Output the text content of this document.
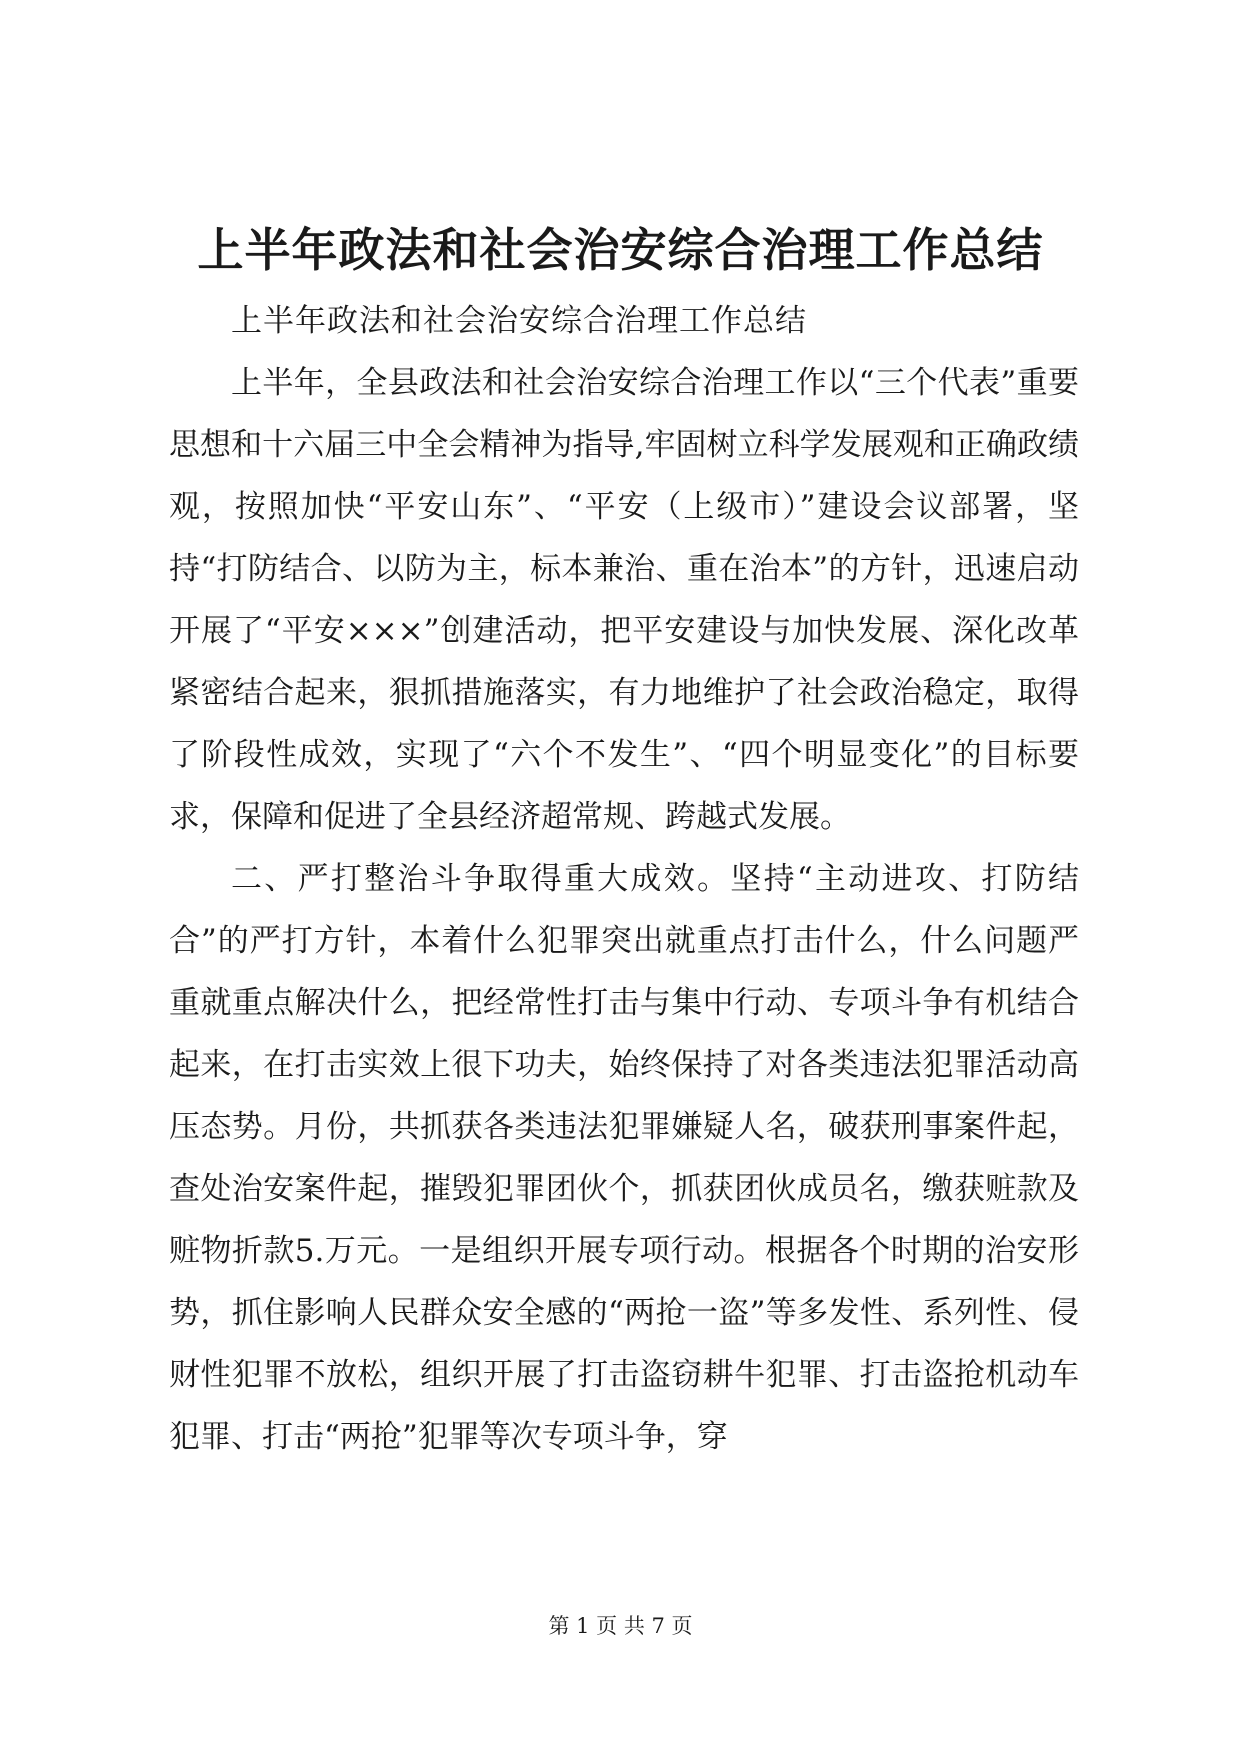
上半年政法和社会治安综合治理工作总结

上半年政法和社会治安综合治理工作总结

上半年，全县政法和社会治安综合治理工作以“三个代表”重要思想和十六届三中全会精神为指导,牢固树立科学发展观和正确政绩观，按照加快“平安山东”、“平安（上级市）”建设会议部署，坚持“打防结合、以防为主，标本兼治、重在治本”的方针，迅速启动开展了“平安×××”创建活动，把平安建设与加快发展、深化改革紧密结合起来，狠抓措施落实，有力地维护了社会政治稳定，取得了阶段性成效，实现了“六个不发生”、“四个明显变化”的目标要求，保障和促进了全县经济超常规、跨越式发展。

二、严打整治斗争取得重大成效。坚持“主动进攻、打防结合”的严打方针，本着什么犯罪突出就重点打击什么，什么问题严重就重点解决什么，把经常性打击与集中行动、专项斗争有机结合起来，在打击实效上很下功夫，始终保持了对各类违法犯罪活动高压态势。月份，共抓获各类违法犯罪嫌疑人名，破获刑事案件起，查处治安案件起，摧毁犯罪团伙个，抓获团伙成员名，缴获赃款及赃物折款5.万元。一是组织开展专项行动。根据各个时期的治安形势，抓住影响人民群众安全感的“两抢一盗”等多发性、系列性、侵财性犯罪不放松，组织开展了打击盗窃耕牛犯罪、打击盗抢机动车犯罪、打击“两抢”犯罪等次专项斗争，穿

第 1 页 共 7 页
